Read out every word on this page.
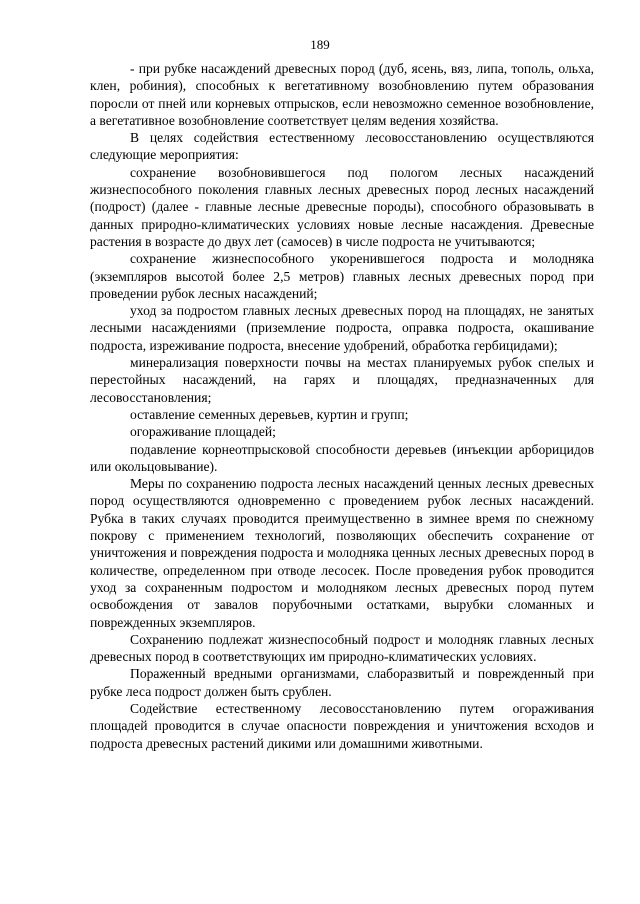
189

- при рубке насаждений древесных пород (дуб, ясень, вяз, липа, тополь, ольха, клен, робиния), способных к вегетативному возобновлению путем образования поросли от пней или корневых отпрысков, если невозможно семенное возобновление, а вегетативное возобновление соответствует целям ведения хозяйства.

В целях содействия естественному лесовосстановлению осуществляются следующие мероприятия:

сохранение возобновившегося под пологом лесных насаждений жизнеспособного поколения главных лесных древесных пород лесных насаждений (подрост) (далее - главные лесные древесные породы), способного образовывать в данных природно-климатических условиях новые лесные насаждения. Древесные растения в возрасте до двух лет (самосев) в числе подроста не учитываются;

сохранение жизнеспособного укоренившегося подроста и молодняка (экземпляров высотой более 2,5 метров) главных лесных древесных пород при проведении рубок лесных насаждений;

уход за подростом главных лесных древесных пород на площадях, не занятых лесными насаждениями (приземление подроста, оправка подроста, окашивание подроста, изреживание подроста, внесение удобрений, обработка гербицидами);

минерализация поверхности почвы на местах планируемых рубок спелых и перестойных насаждений, на гарях и площадях, предназначенных для лесовосстановления;

оставление семенных деревьев, куртин и групп;

огораживание площадей;

подавление корнеотпрысковой способности деревьев (инъекции арборицидов или окольцовывание).

Меры по сохранению подроста лесных насаждений ценных лесных древесных пород осуществляются одновременно с проведением рубок лесных насаждений. Рубка в таких случаях проводится преимущественно в зимнее время по снежному покрову с применением технологий, позволяющих обеспечить сохранение от уничтожения и повреждения подроста и молодняка ценных лесных древесных пород в количестве, определенном при отводе лесосек. После проведения рубок проводится уход за сохраненным подростом и молодняком лесных древесных пород путем освобождения от завалов порубочными остатками, вырубки сломанных и поврежденных экземпляров.

Сохранению подлежат жизнеспособный подрост и молодняк главных лесных древесных пород в соответствующих им природно-климатических условиях.

Пораженный вредными организмами, слаборазвитый и поврежденный при рубке леса подрост должен быть срублен.

Содействие естественному лесовосстановлению путем огораживания площадей проводится в случае опасности повреждения и уничтожения всходов и подроста древесных растений дикими или домашними животными.
